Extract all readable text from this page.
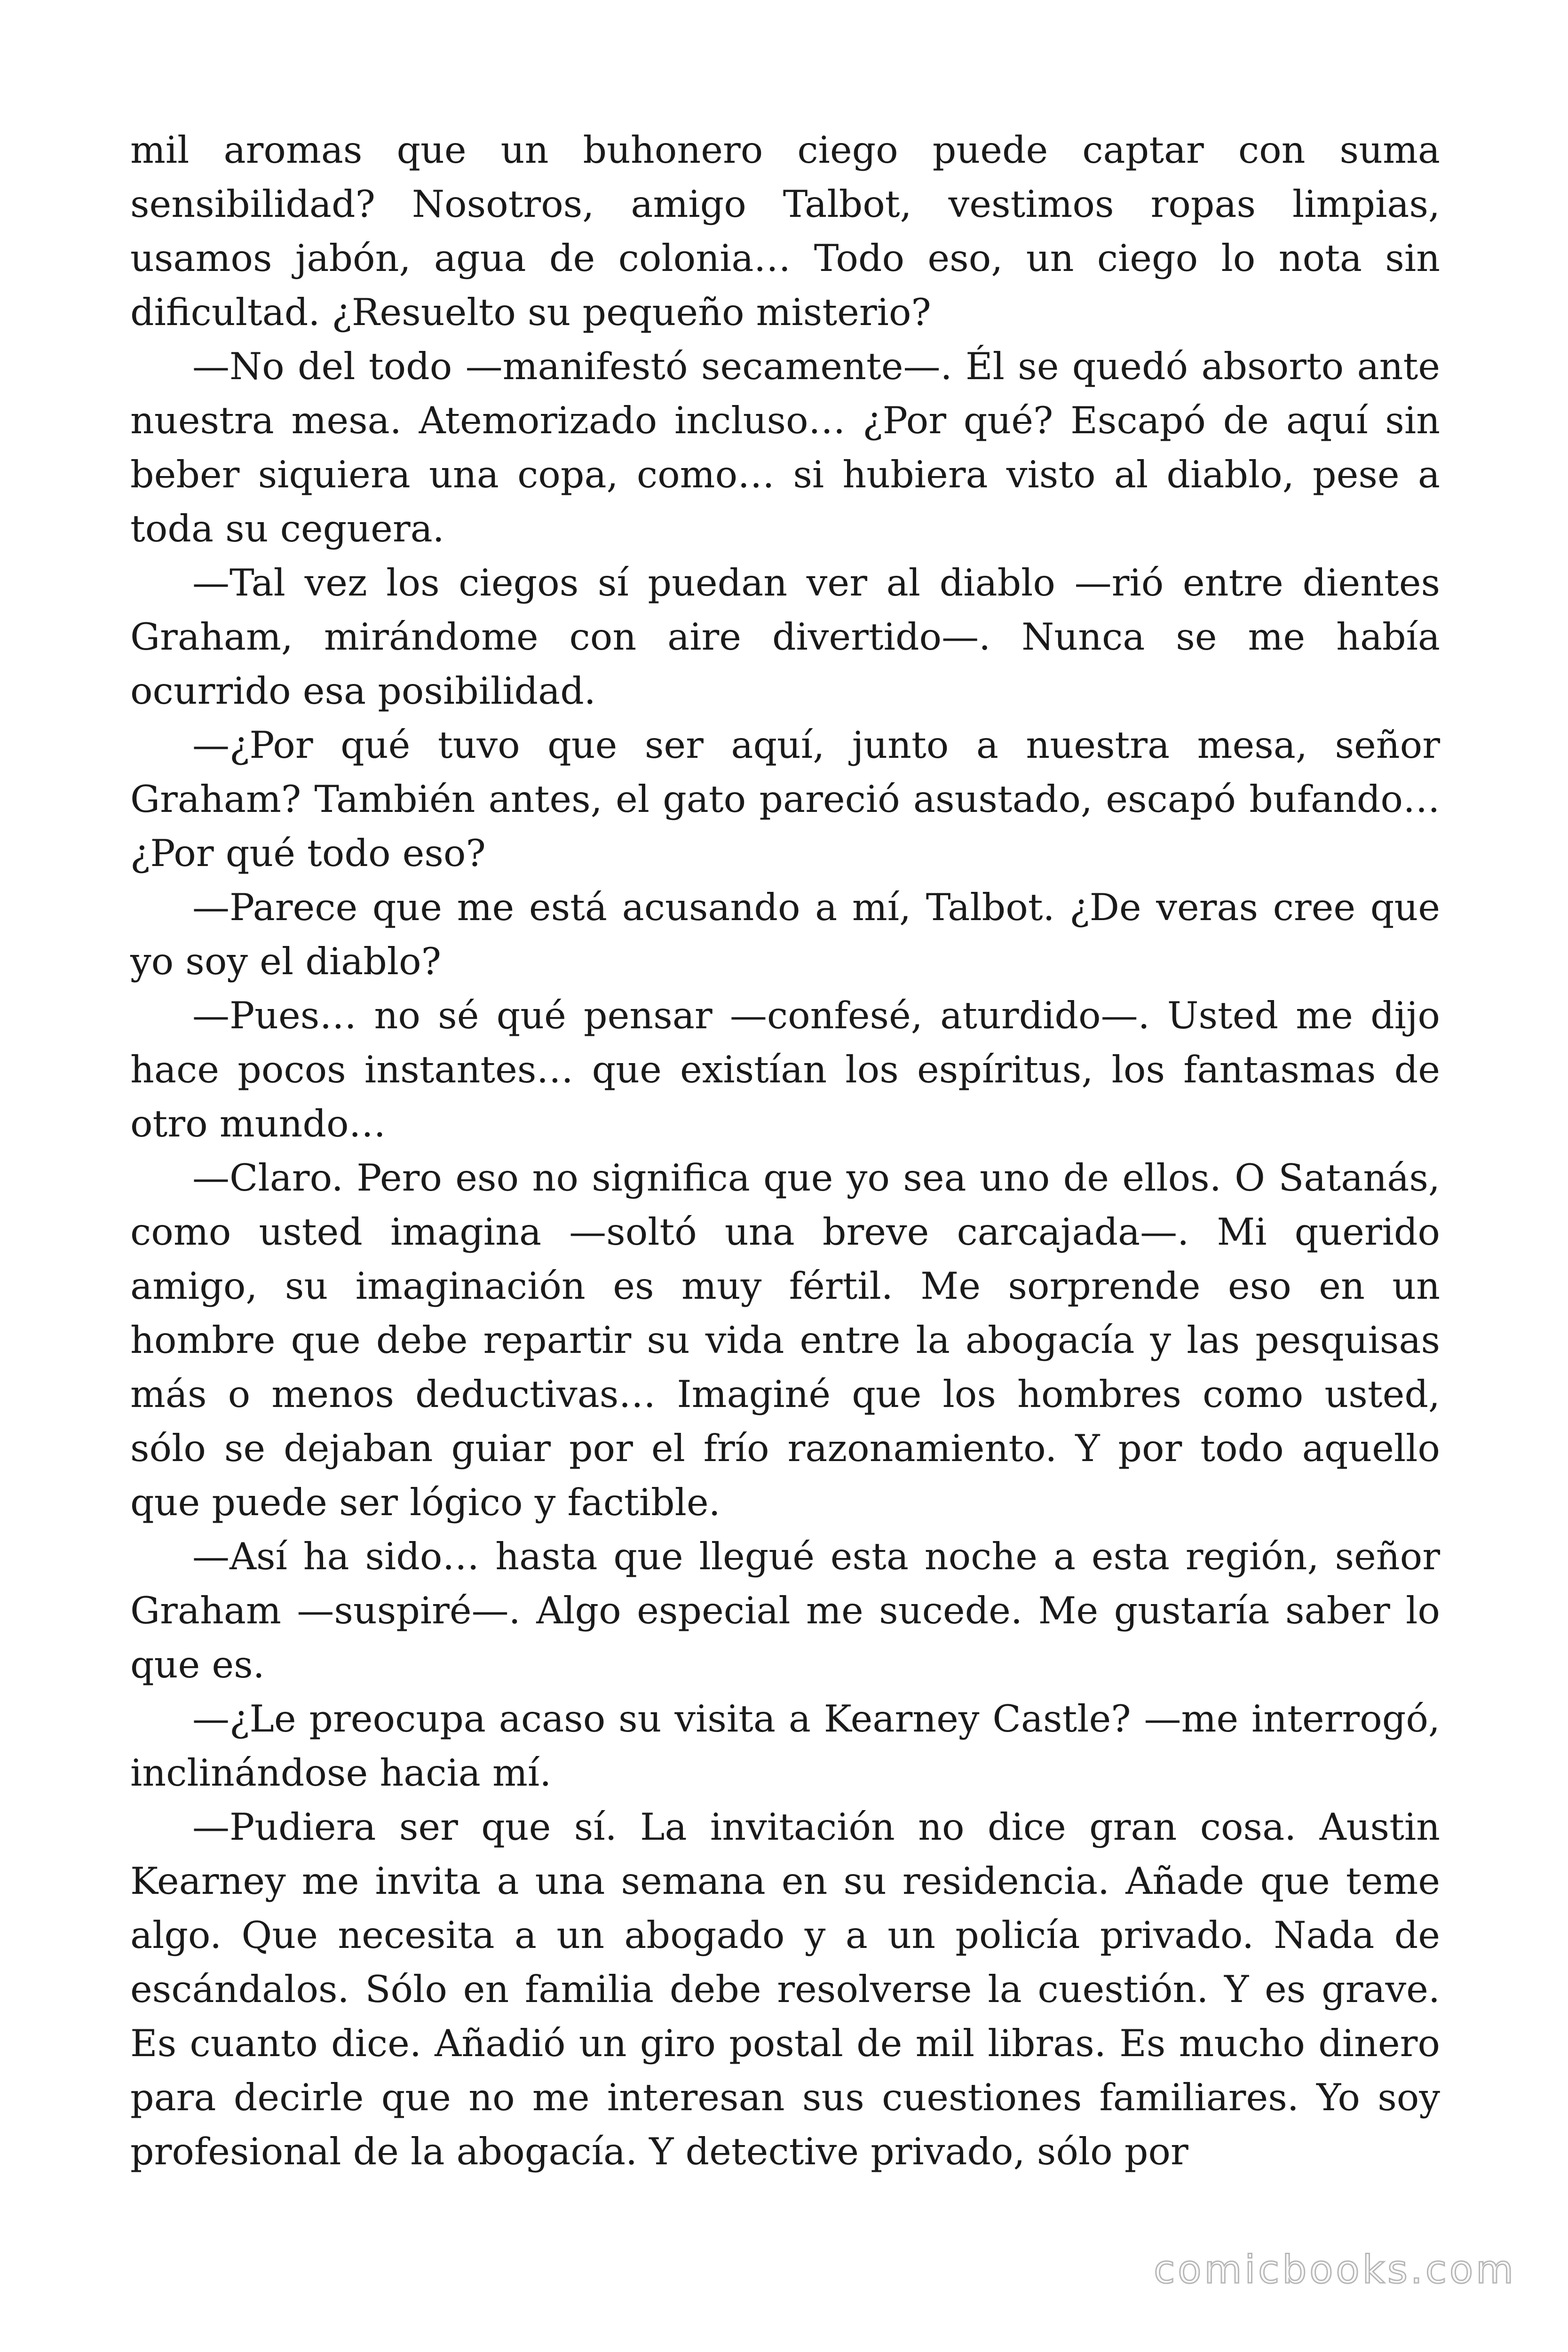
mil aromas que un buhonero ciego puede captar con suma sensibilidad? Nosotros, amigo Talbot, vestimos ropas limpias, usamos jabón, agua de colonia… Todo eso, un ciego lo nota sin dificultad. ¿Resuelto su pequeño misterio?

—No del todo —manifestó secamente—. Él se quedó absorto ante nuestra mesa. Atemorizado incluso… ¿Por qué? Escapó de aquí sin beber siquiera una copa, como… si hubiera visto al diablo, pese a toda su ceguera.

—Tal vez los ciegos sí puedan ver al diablo —rió entre dientes Graham, mirándome con aire divertido—. Nunca se me había ocurrido esa posibilidad.

—¿Por qué tuvo que ser aquí, junto a nuestra mesa, señor Graham? También antes, el gato pareció asustado, escapó bufando… ¿Por qué todo eso?

—Parece que me está acusando a mí, Talbot. ¿De veras cree que yo soy el diablo?

—Pues… no sé qué pensar —confesé, aturdido—. Usted me dijo hace pocos instantes… que existían los espíritus, los fantasmas de otro mundo…

—Claro. Pero eso no significa que yo sea uno de ellos. O Satanás, como usted imagina —soltó una breve carcajada—. Mi querido amigo, su imaginación es muy fértil. Me sorprende eso en un hombre que debe repartir su vida entre la abogacía y las pesquisas más o menos deductivas… Imaginé que los hombres como usted, sólo se dejaban guiar por el frío razonamiento. Y por todo aquello que puede ser lógico y factible.

—Así ha sido… hasta que llegué esta noche a esta región, señor Graham —suspiré—. Algo especial me sucede. Me gustaría saber lo que es.

—¿Le preocupa acaso su visita a Kearney Castle? —me interrogó, inclinándose hacia mí.

—Pudiera ser que sí. La invitación no dice gran cosa. Austin Kearney me invita a una semana en su residencia. Añade que teme algo. Que necesita a un abogado y a un policía privado. Nada de escándalos. Sólo en familia debe resolverse la cuestión. Y es grave. Es cuanto dice. Añadió un giro postal de mil libras. Es mucho dinero para decirle que no me interesan sus cuestiones familiares. Yo soy profesional de la abogacía. Y detective privado, sólo por

comicbooks.com
